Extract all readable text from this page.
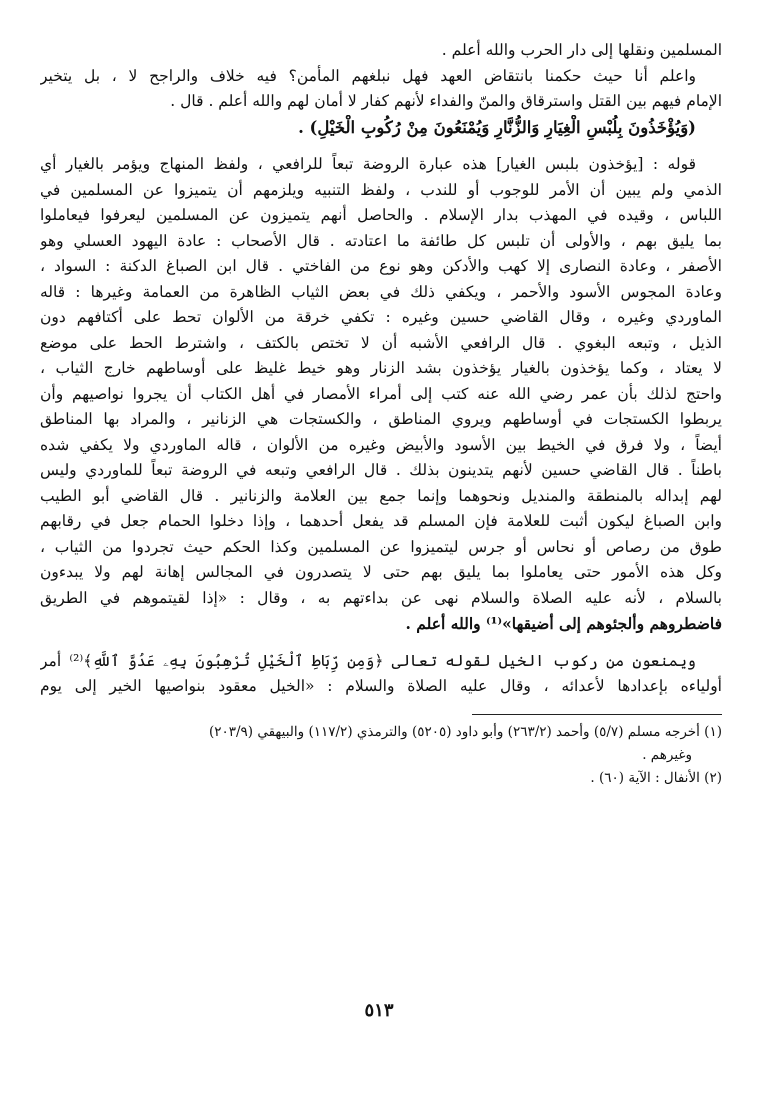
المسلمين ونقلها إلى دار الحرب والله أعلم .
واعلم أنا حيث حكمنا بانتقاض العهد فهل نبلغهم المأمن؟ فيه خلاف والراجح لا ، بل يتخير
الإمام فيهم بين القتل واسترقاق والمنّ والفداء لأنهم كفار لا أمان لهم والله أعلم . قال .
(وَيُؤْخَذُونَ بِلُبْسِ الْغِيَارِ وَالزُّنَّارِ وَيُمْنَعُونَ مِنْ رُكُوبِ الْخَيْلِ) .
قوله : [يؤخذون بلبس الغيار] هذه عبارة الروضة تبعاً للرافعي ، ولفظ المنهاج ويؤمر بالغيار أي
الذمي ولم يبين أن الأمر للوجوب أو للندب ، ولفظ التنبيه ويلزمهم أن يتميزوا عن المسلمين في
اللباس ، وقيده في المهذب بدار الإسلام . والحاصل أنهم يتميزون عن المسلمين ليعرفوا فيعاملوا
بما يليق بهم ، والأولى أن تلبس كل طائفة ما اعتادته . قال الأصحاب : عادة اليهود العسلي وهو
الأصفر ، وعادة النصارى إلا كهب والأدكن وهو نوع من الفاختي . قال ابن الصباغ الدكنة : السواد ،
وعادة المجوس الأسود والأحمر ، ويكفي ذلك في بعض الثياب الظاهرة من العمامة وغيرها : قاله
الماوردي وغيره ، وقال القاضي حسين وغيره : تكفي خرقة من الألوان تحط على أكتافهم دون
الذيل ، وتبعه البغوي . قال الرافعي الأشبه أن لا تختص بالكتف ، واشترط الحط على موضع
لا يعتاد ، وكما يؤخذون بالغيار يؤخذون بشد الزنار وهو خيط غليظ على أوساطهم خارج الثياب ،
واحتج لذلك بأن عمر رضي الله عنه كتب إلى أمراء الأمصار في أهل الكتاب أن يجروا نواصيهم وأن
يربطوا الكستجات في أوساطهم ويروي المناطق ، والكستجات هي الزنانير ، والمراد بها المناطق
أيضاً ، ولا فرق في الخيط بين الأسود والأبيض وغيره من الألوان ، قاله الماوردي ولا يكفي شده
باطناً . قال القاضي حسين لأنهم يتدينون بذلك . قال الرافعي وتبعه في الروضة تبعاً للماوردي وليس
لهم إبداله بالمنطقة والمنديل ونحوهما وإنما جمع بين العلامة والزنانير . قال القاضي أبو الطيب
وابن الصباغ ليكون أثبت للعلامة فإن المسلم قد يفعل أحدهما ، وإذا دخلوا الحمام جعل في رقابهم
طوق من رصاص أو نحاس أو جرس ليتميزوا عن المسلمين وكذا الحكم حيث تجردوا من الثياب ،
وكل هذه الأمور حتى يعاملوا بما يليق بهم حتى لا يتصدرون في المجالس إهانة لهم ولا يبدءون
بالسلام ، لأنه عليه الصلاة والسلام نهى عن بداءتهم به ، وقال : «إذا لقيتموهم في الطريق
فاضطروهم وألجئوهم إلى أضيقها»⁽¹⁾ والله أعلم .
ويمنعون من ركوب الخيل لقوله تعالى ﴿وَمِن رِّبَاطِ ٱلْخَيْلِ تُرْهِبُونَ بِهِۦ عَدُوَّ ٱللَّهِ﴾⁽²⁾ أمر
أولياءه بإعدادها لأعدائه ، وقال عليه الصلاة والسلام : «الخيل معقود بنواصيها الخير إلى يوم
(١) أخرجه مسلم (٥/٧) وأحمد (٢٦٣/٢) وأبو داود (٥٢٠٥) والترمذي (١١٧/٢) والبيهقي (٢٠٣/٩)
وغيرهم .
(٢) الأنفال : الآية (٦٠) .
٥١٣
